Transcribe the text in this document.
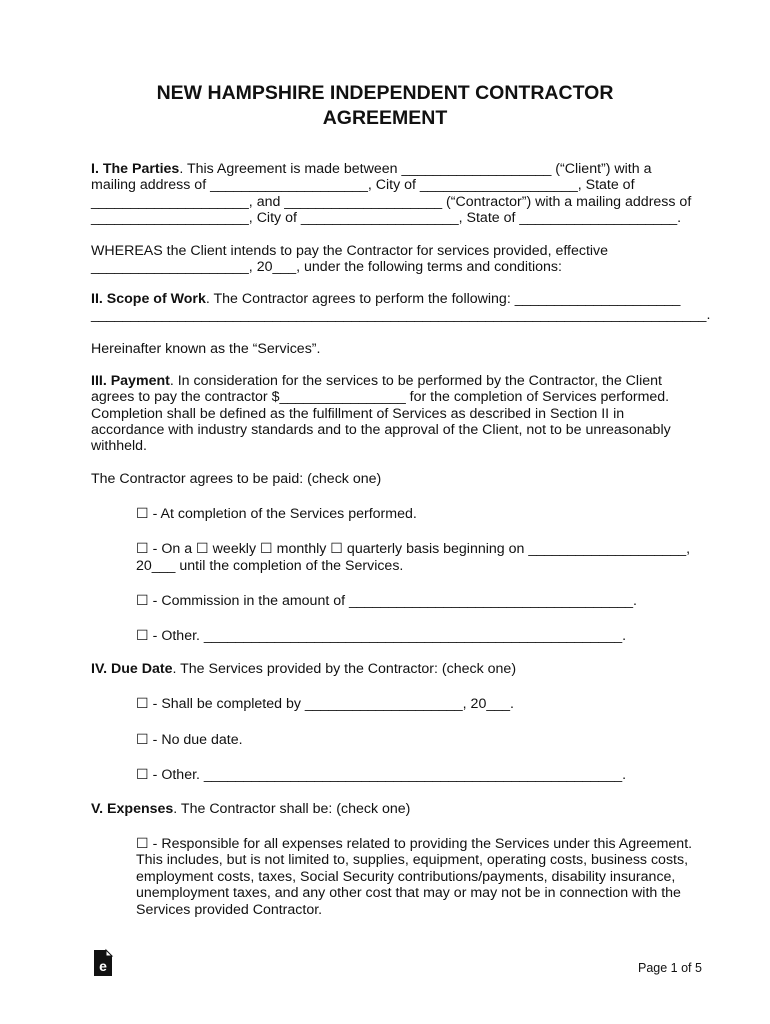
NEW HAMPSHIRE INDEPENDENT CONTRACTOR
AGREEMENT
I. The Parties. This Agreement is made between ___________________ (“Client”) with a
mailing address of ____________________, City of ____________________, State of
____________________, and ____________________ (“Contractor”) with a mailing address of
____________________, City of ____________________, State of ____________________.
WHEREAS the Client intends to pay the Contractor for services provided, effective
____________________, 20___, under the following terms and conditions:
II. Scope of Work. The Contractor agrees to perform the following: _____________________
______________________________________________________________________________.
Hereinafter known as the “Services”.
III. Payment. In consideration for the services to be performed by the Contractor, the Client
agrees to pay the contractor $________________ for the completion of Services performed.
Completion shall be defined as the fulfillment of Services as described in Section II in
accordance with industry standards and to the approval of the Client, not to be unreasonably
withheld.
The Contractor agrees to be paid: (check one)
☐ - At completion of the Services performed.
☐ - On a ☐ weekly ☐ monthly ☐ quarterly basis beginning on ____________________,
20___ until the completion of the Services.
☐ - Commission in the amount of ____________________________________.
☐ - Other. _____________________________________________________.
IV. Due Date. The Services provided by the Contractor: (check one)
☐ - Shall be completed by ____________________, 20___.
☐ - No due date.
☐ - Other. _____________________________________________________.
V. Expenses. The Contractor shall be: (check one)
☐ - Responsible for all expenses related to providing the Services under this Agreement.
This includes, but is not limited to, supplies, equipment, operating costs, business costs,
employment costs, taxes, Social Security contributions/payments, disability insurance,
unemployment taxes, and any other cost that may or may not be in connection with the
Services provided Contractor.
e	Page 1 of 5
